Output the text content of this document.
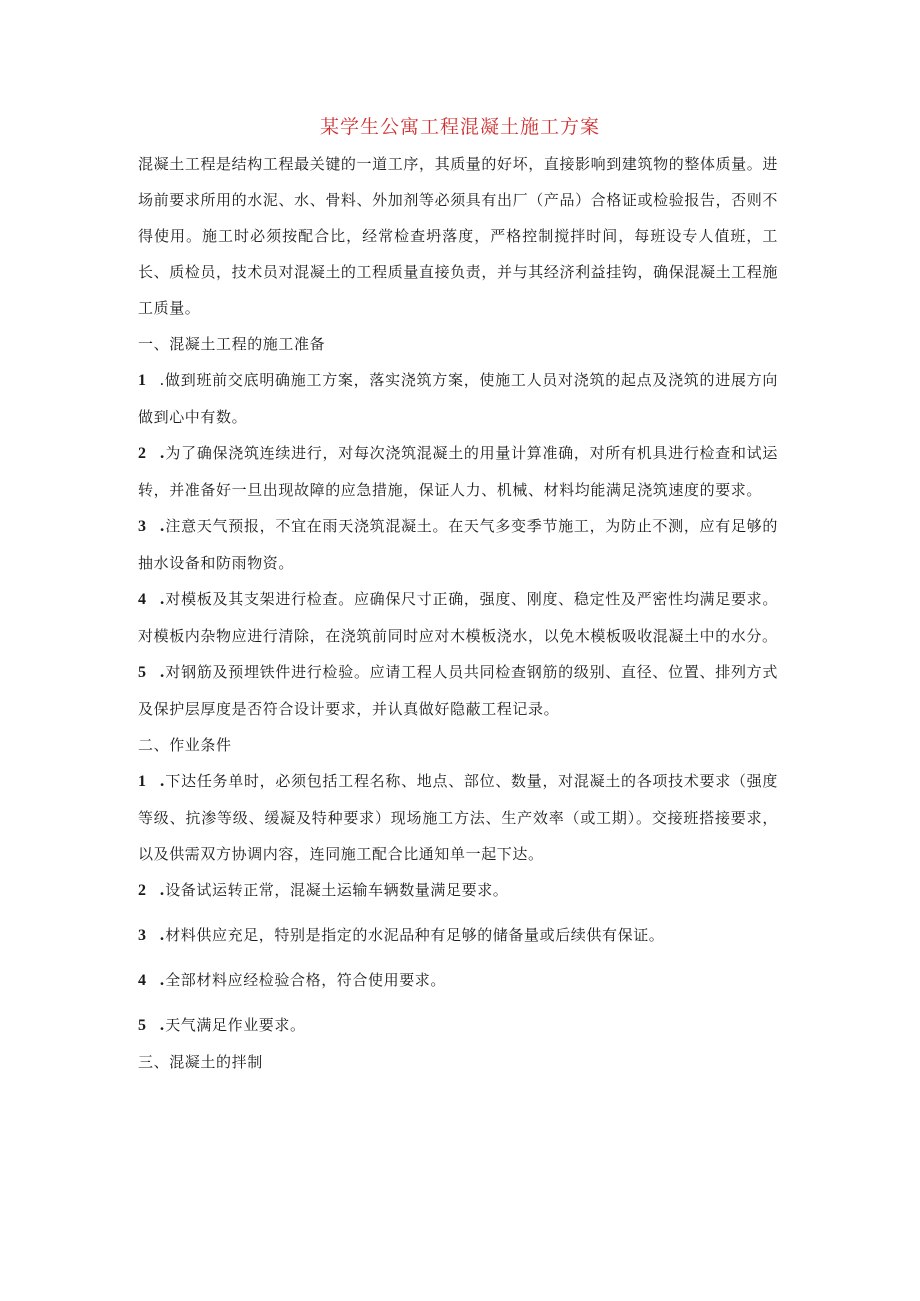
某学生公寓工程混凝土施工方案
混凝土工程是结构工程最关键的一道工序，其质量的好坏，直接影响到建筑物的整体质量。进场前要求所用的水泥、水、骨料、外加剂等必须具有出厂（产品）合格证或检验报告，否则不得使用。施工时必须按配合比，经常检查坍落度，严格控制搅拌时间，每班设专人值班，工长、质检员，技术员对混凝土的工程质量直接负责，并与其经济利益挂钩，确保混凝土工程施工质量。
一、混凝土工程的施工准备
1 .做到班前交底明确施工方案，落实浇筑方案，使施工人员对浇筑的起点及浇筑的进展方向做到心中有数。
2 .为了确保浇筑连续进行，对每次浇筑混凝土的用量计算准确，对所有机具进行检查和试运转，并准备好一旦出现故障的应急措施，保证人力、机械、材料均能满足浇筑速度的要求。
3 .注意天气预报，不宜在雨天浇筑混凝土。在天气多变季节施工，为防止不测，应有足够的抽水设备和防雨物资。
4 .对模板及其支架进行检查。应确保尺寸正确，强度、刚度、稳定性及严密性均满足要求。对模板内杂物应进行清除，在浇筑前同时应对木模板浇水，以免木模板吸收混凝土中的水分。
5 .对钢筋及预埋铁件进行检验。应请工程人员共同检查钢筋的级别、直径、位置、排列方式及保护层厚度是否符合设计要求，并认真做好隐蔽工程记录。
二、作业条件
1 .下达任务单时，必须包括工程名称、地点、部位、数量，对混凝土的各项技术要求（强度等级、抗渗等级、缓凝及特种要求）现场施工方法、生产效率（或工期）。交接班搭接要求，以及供需双方协调内容，连同施工配合比通知单一起下达。
2 .设备试运转正常，混凝土运输车辆数量满足要求。
3 .材料供应充足，特别是指定的水泥品种有足够的储备量或后续供有保证。
4 .全部材料应经检验合格，符合使用要求。
5 .天气满足作业要求。
三、混凝土的拌制
